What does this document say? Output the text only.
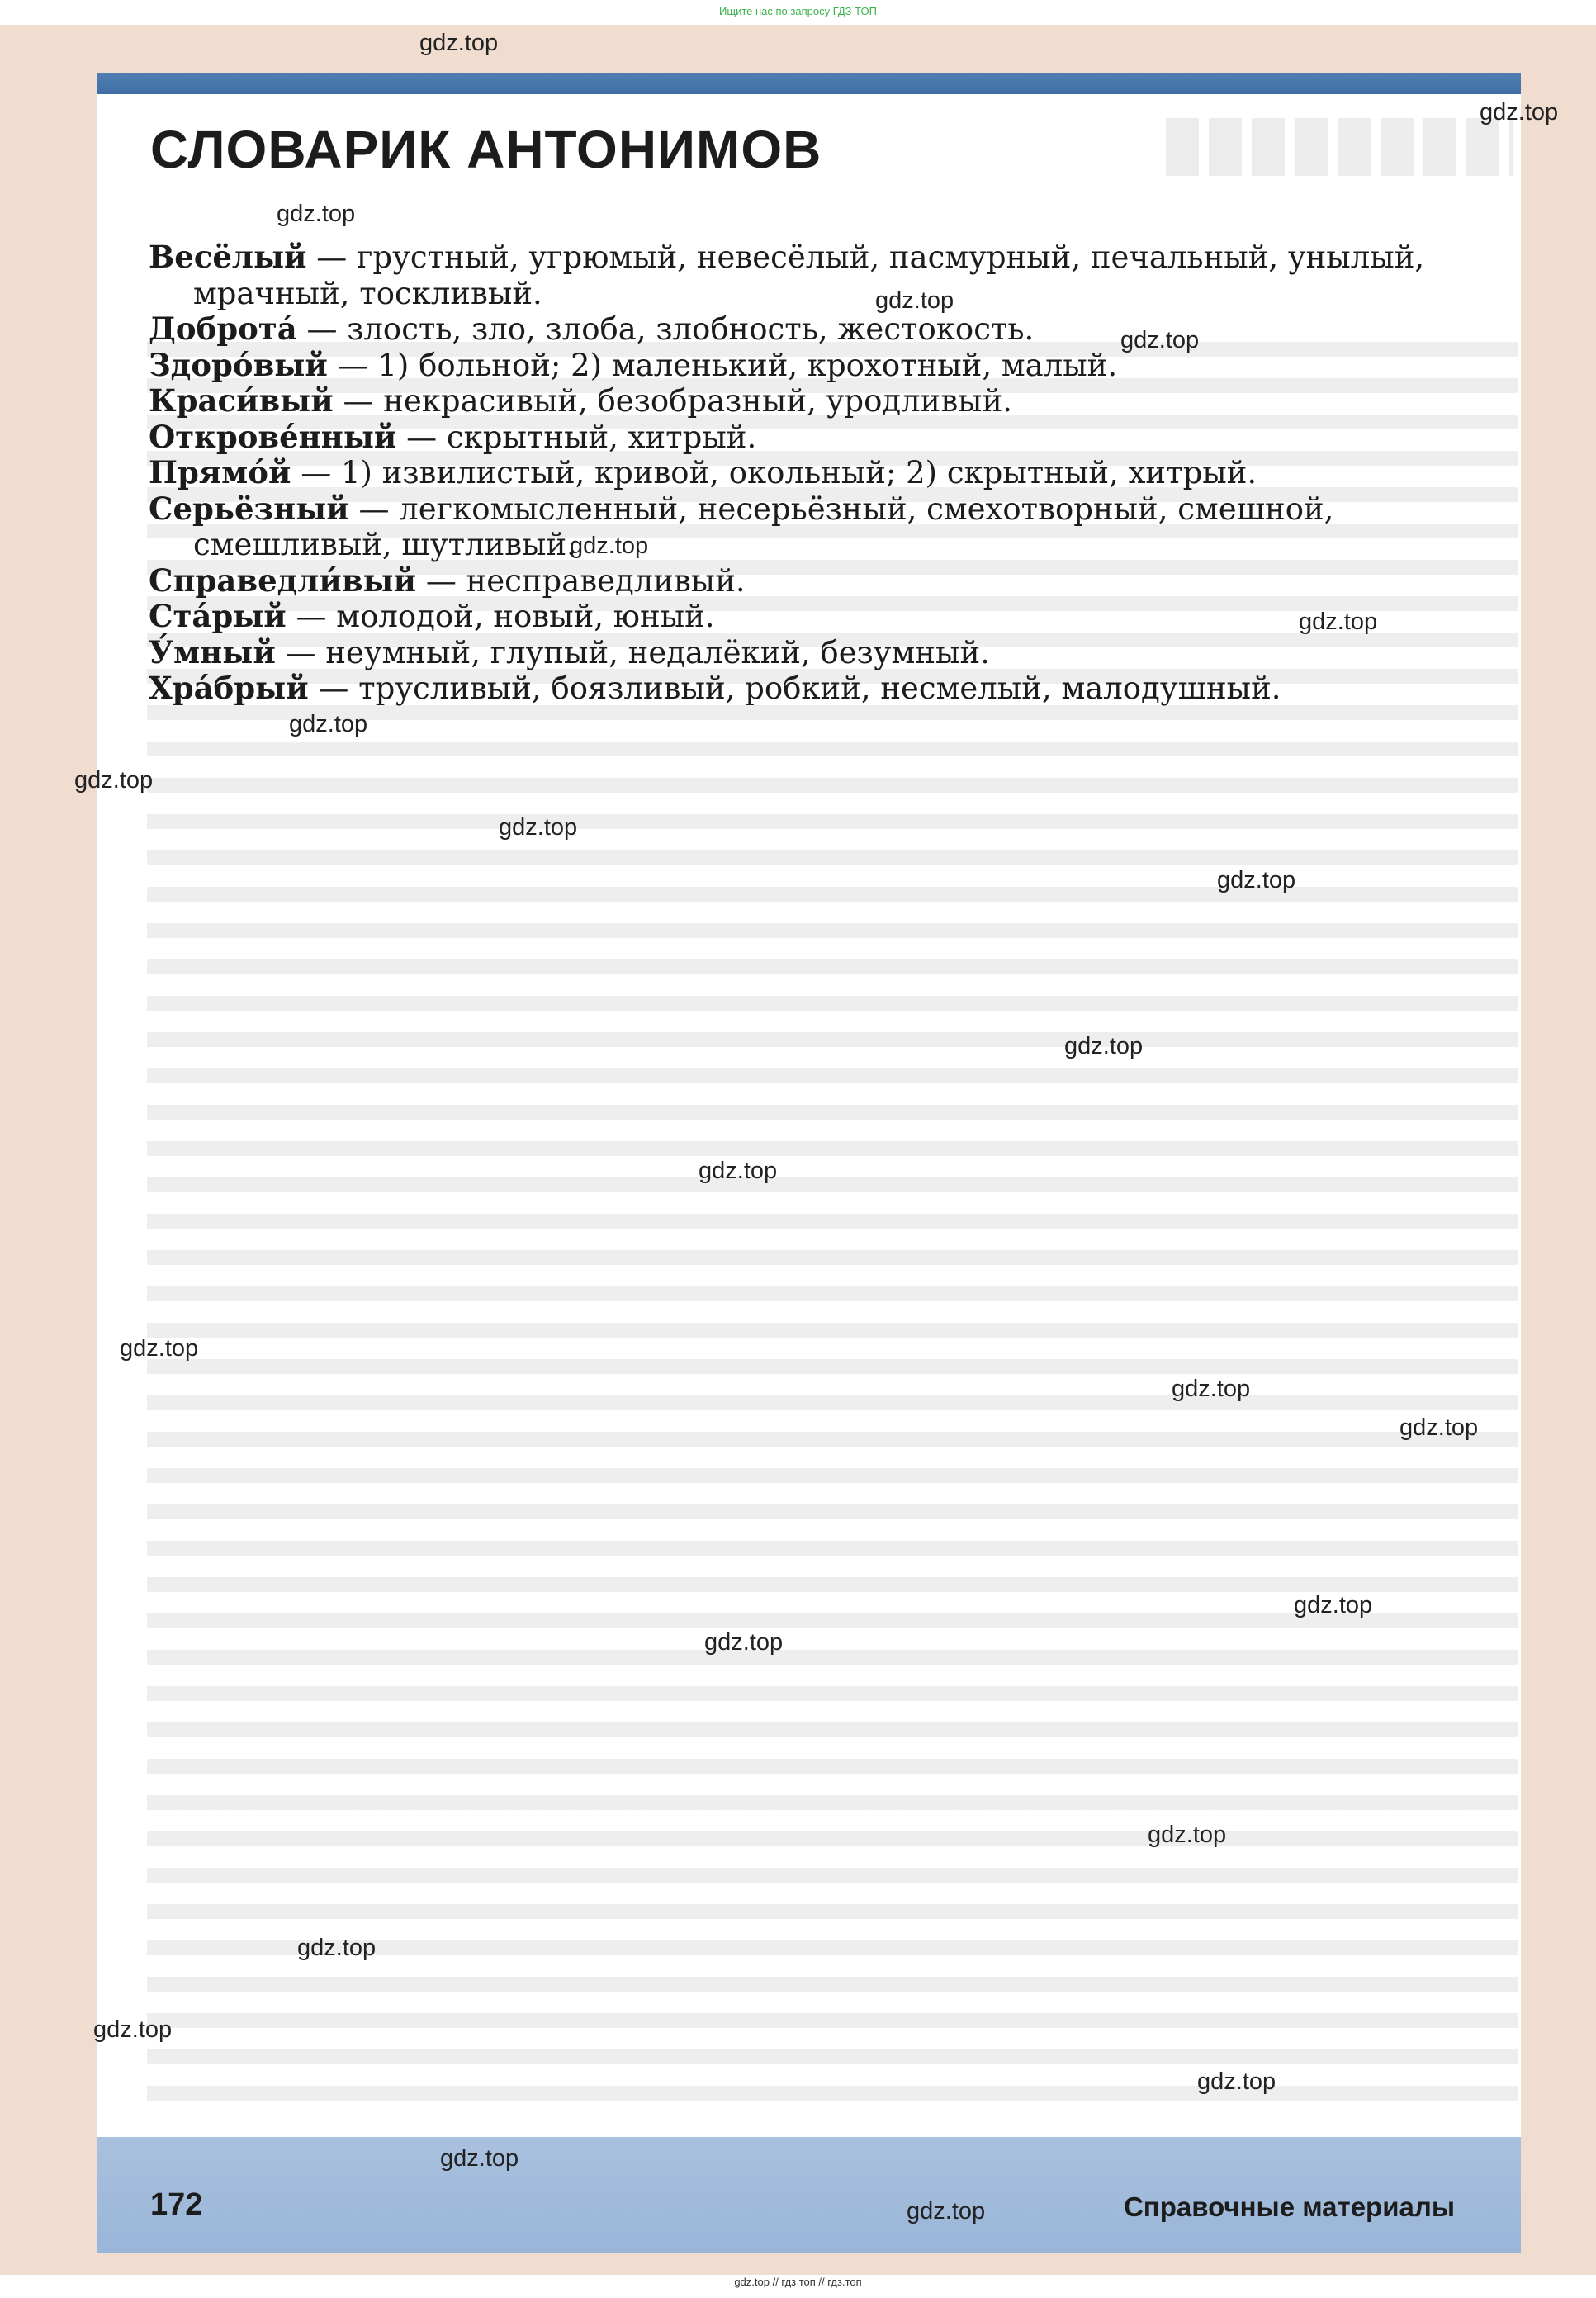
Ищите нас по запросу ГДЗ ТОП
СЛОВАРИК АНТОНИМОВ
Весёлый — грустный, угрюмый, невесёлый, пасмурный, печальный, унылый, мрачный, тоскливый.
Доброта́ — злость, зло, злоба, злобность, жестокость.
Здоро́вый — 1) больной; 2) маленький, крохотный, малый.
Краси́вый — некрасивый, безобразный, уродливый.
Открове́нный — скрытный, хитрый.
Прямо́й — 1) извилистый, кривой, окольный; 2) скрытный, хитрый.
Серьёзный — легкомысленный, несерьёзный, смехотворный, смешной, смешливый, шутливый.
Справедли́вый — несправедливый.
Ста́рый — молодой, новый, юный.
У́мный — неумный, глупый, недалёкий, безумный.
Хра́брый — трусливый, боязливый, робкий, несмелый, малодушный.
172	Справочные материалы
gdz.top
gdz.top
gdz.top
gdz.top
gdz.top
gdz.top
gdz.top
gdz.top
gdz.top
gdz.top
gdz.top
gdz.top
gdz.top
gdz.top
gdz.top
gdz.top
gdz.top
gdz.top
gdz.top
gdz.top
gdz.top
gdz.top
gdz.top
gdz.top
gdz.top // гдз топ // гдз.топ
